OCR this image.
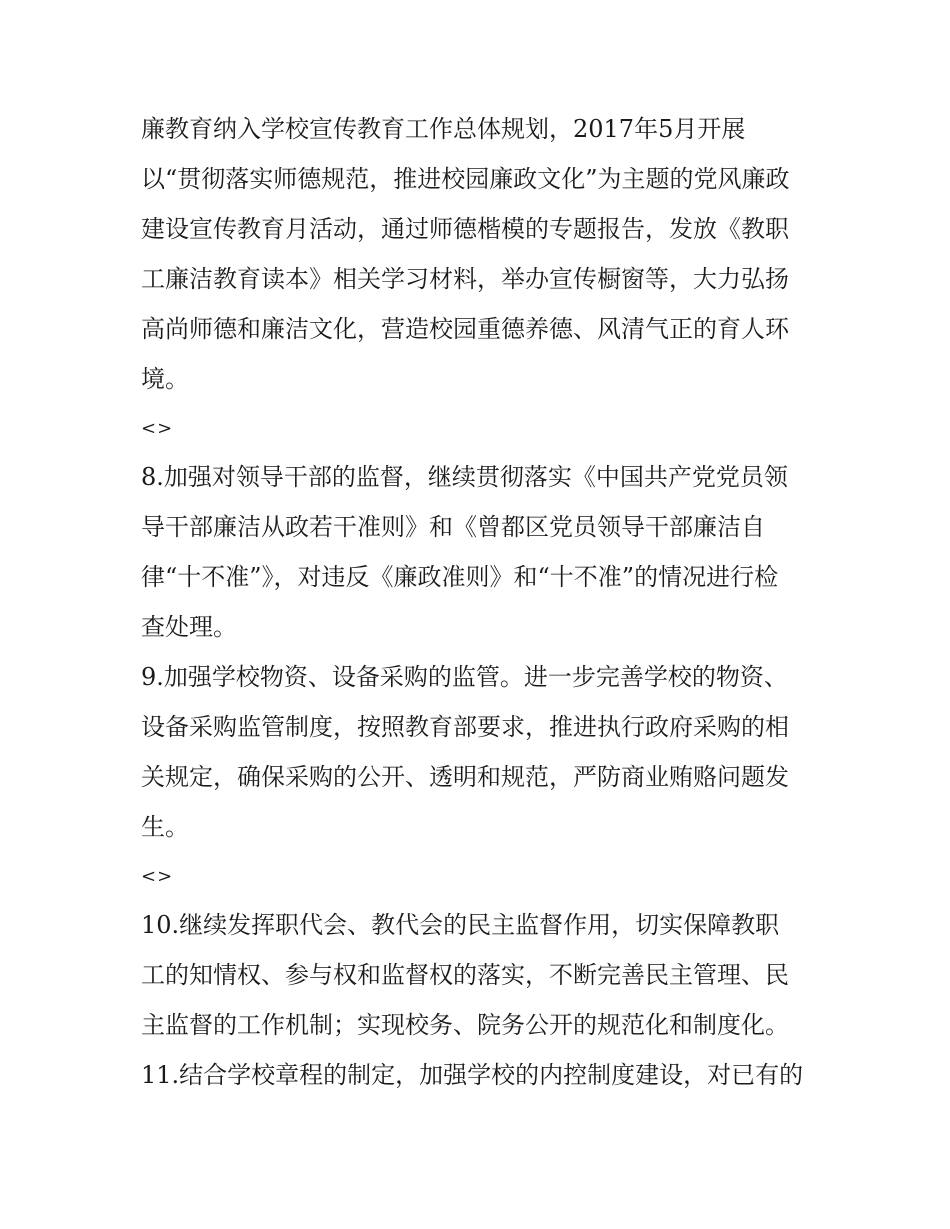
廉教育纳入学校宣传教育工作总体规划，2017年5月开展
以“贯彻落实师德规范，推进校园廉政文化”为主题的党风廉政
建设宣传教育月活动，通过师德楷模的专题报告，发放《教职
工廉洁教育读本》相关学习材料，举办宣传橱窗等，大力弘扬
高尚师德和廉洁文化，营造校园重德养德、风清气正的育人环
境。
<>
8.加强对领导干部的监督，继续贯彻落实《中国共产党党员领
导干部廉洁从政若干准则》和《曾都区党员领导干部廉洁自
律“十不准”》，对违反《廉政准则》和“十不准”的情况进行检
查处理。
9.加强学校物资、设备采购的监管。进一步完善学校的物资、
设备采购监管制度，按照教育部要求，推进执行政府采购的相
关规定，确保采购的公开、透明和规范，严防商业贿赂问题发
生。
<>
10.继续发挥职代会、教代会的民主监督作用，切实保障教职
工的知情权、参与权和监督权的落实，不断完善民主管理、民
主监督的工作机制；实现校务、院务公开的规范化和制度化。
11.结合学校章程的制定，加强学校的内控制度建设，对已有的
